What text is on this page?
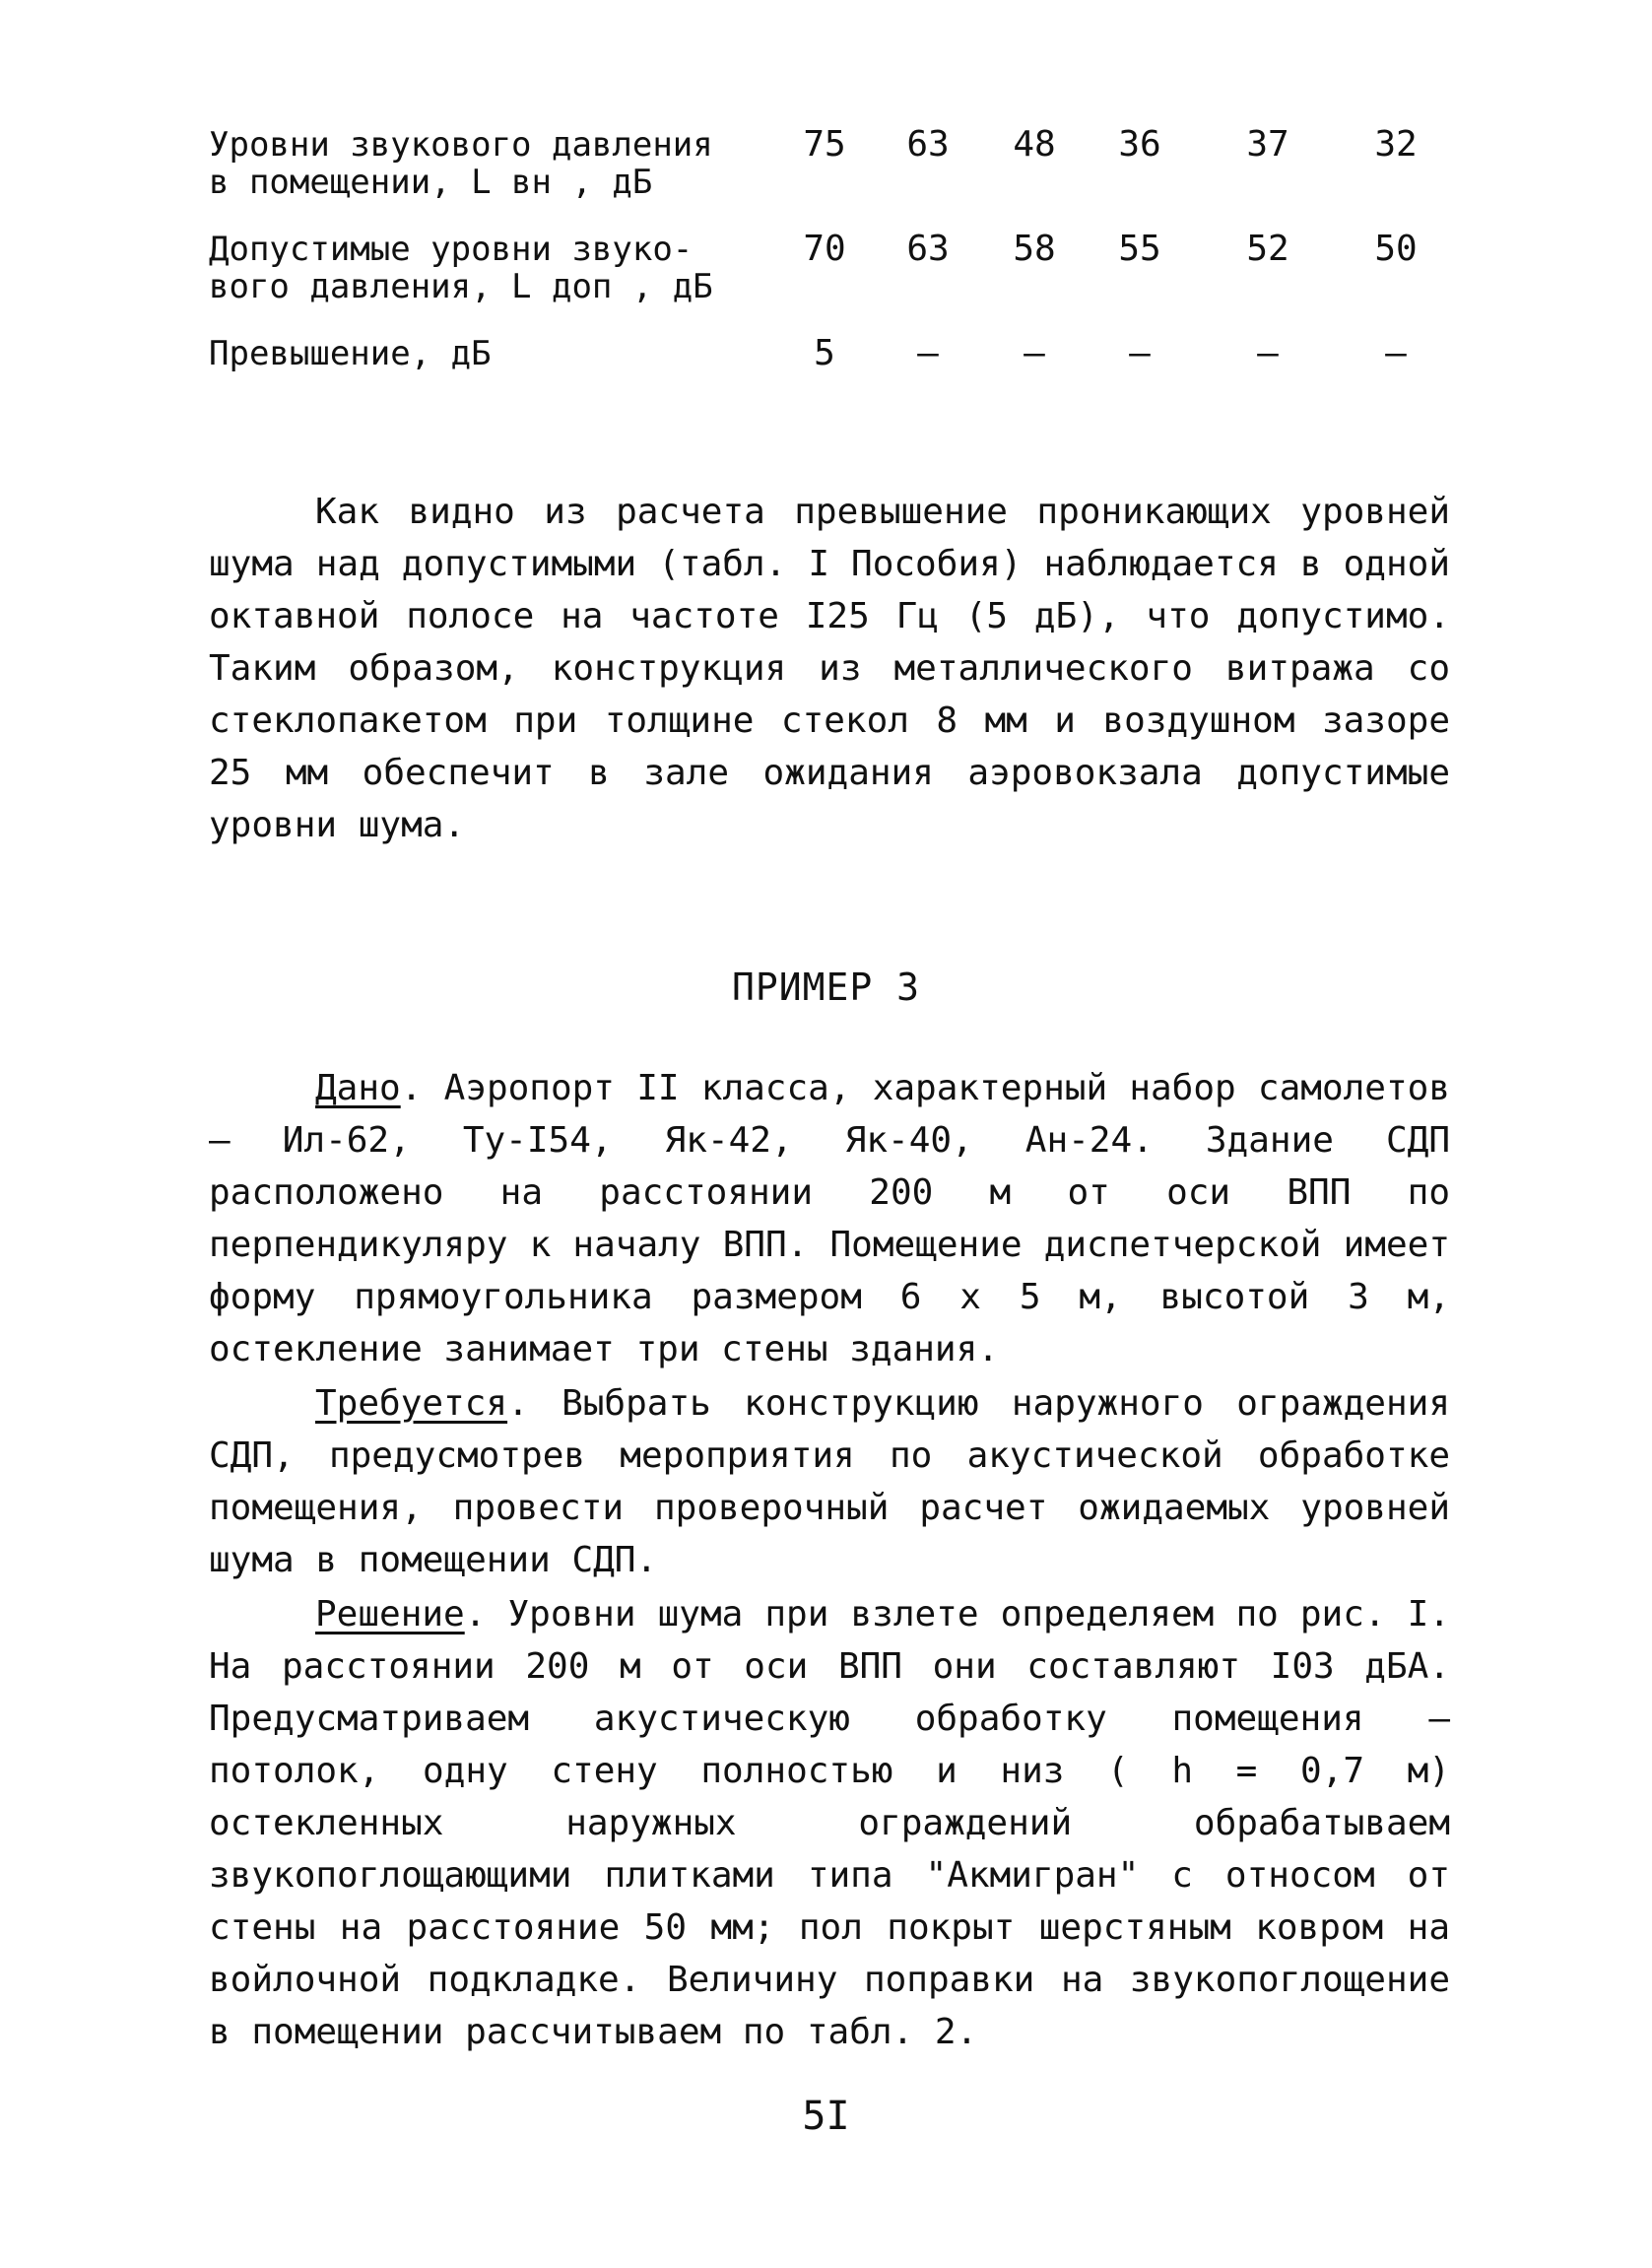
Уровни звукового давления
в помещении, L вн , дБ
75	63	48	36	37	32
Допустимые уровни звуко-
вого давления, L доп , дБ
70	63	58	55	52	50
Превышение, дБ	5	–	–	–	–	–
Как видно из расчета превышение проникающих уровней шума над допустимыми (табл. I Пособия) наблюдается в одной октавной полосе на частоте I25 Гц (5 дБ), что допустимо. Таким образом, конструкция из металлического витража со стеклопакетом при толщине стекол 8 мм и воздушном зазоре 25 мм обеспечит в зале ожидания аэровокзала допустимые уровни шума.
ПРИМЕР 3
Дано. Аэропорт II класса, характерный набор самолетов – Ил-62, Ту-I54, Як-42, Як-40, Ан-24. Здание СДП расположено на расстоянии 200 м от оси ВПП по перпендикуляру к началу ВПП. Помещение диспетчерской имеет форму прямоугольника размером 6 х 5 м, высотой 3 м, остекление занимает три стены здания.
Требуется. Выбрать конструкцию наружного ограждения СДП, предусмотрев мероприятия по акустической обработке помещения, провести проверочный расчет ожидаемых уровней шума в помещении СДП.
Решение. Уровни шума при взлете определяем по рис. I. На расстоянии 200 м от оси ВПП они составляют I03 дБА. Предусматриваем акустическую обработку помещения – потолок, одну стену полностью и низ ( h = 0,7 м) остекленных наружных ограждений обрабатываем звукопоглощающими плитками типа "Акмигран" с относом от стены на расстояние 50 мм; пол покрыт шерстяным ковром на войлочной подкладке. Величину поправки на звукопоглощение в помещении рассчитываем по табл. 2.
5I
